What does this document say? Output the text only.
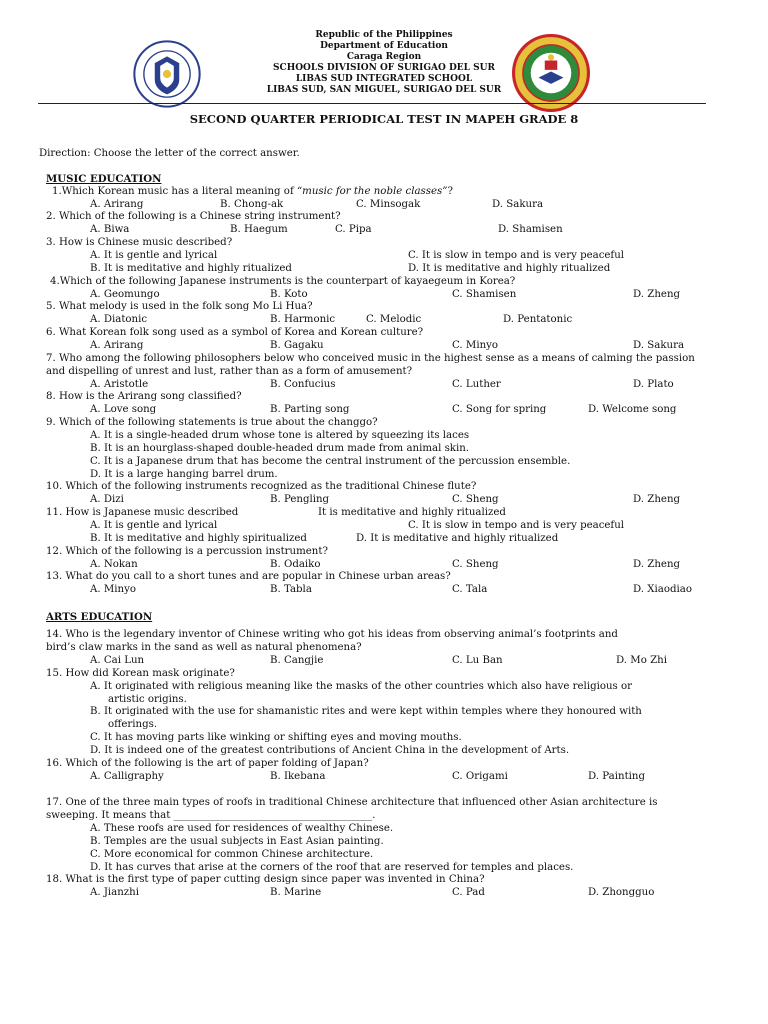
Republic of the Philippines
Department of Education
Caraga Region
SCHOOLS DIVISION OF SURIGAO DEL SUR
LIBAS SUD INTEGRATED SCHOOL
LIBAS SUD, SAN MIGUEL, SURIGAO DEL SUR
SECOND QUARTER PERIODICAL TEST IN MAPEH GRADE 8
Direction: Choose the letter of the correct answer.
MUSIC EDUCATION
1.Which Korean music has a literal meaning of “music for the noble classes”?
A. Arirang	B. Chong-ak	C. Minsogak	D. Sakura
2. Which of the following is a Chinese string instrument?
A. Biwa	B. Haegum	C. Pipa	D. Shamisen
3. How is Chinese music described?
A. It is gentle and lyrical	C. It is slow in tempo and is very peaceful
B. It is meditative and highly ritualized	D. It is meditative and highly ritualized
4.Which of the following Japanese instruments is the counterpart of kayaegeum in Korea?
A. Geomungo	B. Koto	C. Shamisen	D. Zheng
5. What melody is used in the folk song Mo Li Hua?
A. Diatonic	B. Harmonic	C. Melodic	D. Pentatonic
6. What Korean folk song used as a symbol of Korea and Korean culture?
A. Arirang	B. Gagaku	C. Minyo	D. Sakura
7. Who among the following philosophers below who conceived music in the highest sense as a means of calming the passion
and dispelling of unrest and lust, rather than as a form of amusement?
A. Aristotle	B. Confucius	C. Luther	D. Plato
8. How is the Arirang song classified?
A. Love song	B. Parting song	C. Song for spring	D. Welcome song
9. Which of the following statements is true about the changgo?
A. It is a single-headed drum whose tone is altered by squeezing its laces
B. It is an hourglass-shaped double-headed drum made from animal skin.
C. It is a Japanese drum that has become the central instrument of the percussion ensemble.
D. It is a large hanging barrel drum.
10. Which of the following instruments recognized as the traditional Chinese flute?
A. Dizi	B. Pengling	C. Sheng	D. Zheng
11. How is Japanese music described	It is meditative and highly ritualized
A. It is gentle and lyrical	C. It is slow in tempo and is very peaceful
B. It is meditative and highly spiritualized	D. It is meditative and highly ritualized
12. Which of the following is a percussion instrument?
A. Nokan	B. Odaiko	C. Sheng	D. Zheng
13. What do you call to a short tunes and are popular in Chinese urban areas?
A. Minyo	B. Tabla	C. Tala	D. Xiaodiao
ARTS EDUCATION
14. Who is the legendary inventor of Chinese writing who got his ideas from observing animal’s footprints and
bird’s claw marks in the sand as well as natural phenomena?
A. Cai Lun	B. Cangjie	C. Lu Ban	D. Mo Zhi
15. How did Korean mask originate?
A. It originated with religious meaning like the masks of the other countries which also have religious or
artistic origins.
B. It originated with the use for shamanistic rites and were kept within temples where they honoured with
offerings.
C. It has moving parts like winking or shifting eyes and moving mouths.
D. It is indeed one of the greatest contributions of Ancient China in the development of Arts.
16. Which of the following is the art of paper folding of Japan?
A. Calligraphy	B. Ikebana	C. Origami	D. Painting
17. One of the three main types of roofs in traditional Chinese architecture that influenced other Asian architecture is
sweeping. It means that _______________________________________.
A. These roofs are used for residences of wealthy Chinese.
B. Temples are the usual subjects in East Asian painting.
C. More economical for common Chinese architecture.
D. It has curves that arise at the corners of the roof that are reserved for temples and places.
18. What is the first type of paper cutting design since paper was invented in China?
A. Jianzhi	B. Marine	C. Pad	D. Zhongguo
